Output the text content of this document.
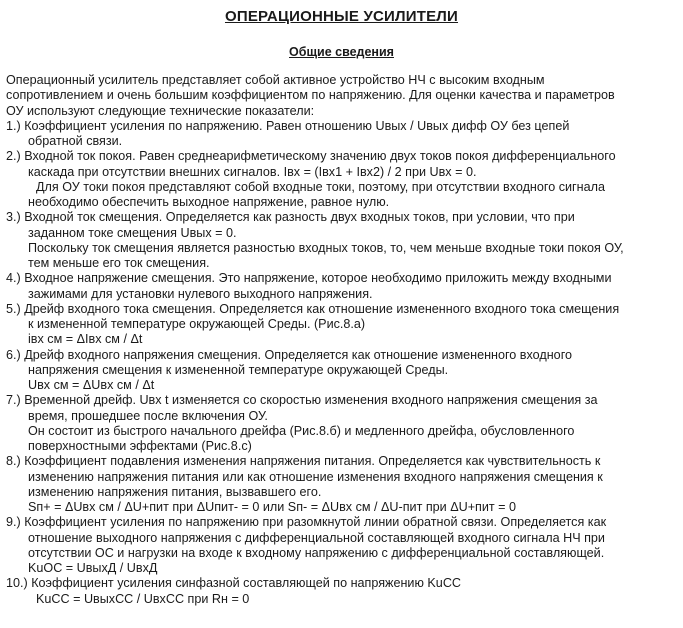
ОПЕРАЦИОННЫЕ УСИЛИТЕЛИ
Общие сведения
Операционный усилитель представляет собой активное устройство НЧ с высоким входным
сопротивлением и очень большим коэффициентом по напряжению. Для оценки качества и параметров
ОУ используют следующие технические показатели:
1.) Коэффициент усиления по напряжению. Равен отношению Uвых / Uвых дифф ОУ без цепей
обратной связи.
2.) Входной ток покоя. Равен среднеарифметическому значению двух токов покоя дифференциального
каскада при отсутствии внешних сигналов. Iвх = (Iвх1 + Iвх2) / 2 при Uвх = 0.
Для ОУ токи покоя представляют собой входные токи, поэтому, при отсутствии входного сигнала
необходимо обеспечить выходное напряжение, равное нулю.
3.) Входной ток смещения. Определяется как разность двух входных токов, при условии, что при
заданном токе смещения Uвых = 0.
Поскольку ток смещения является разностью входных токов, то, чем меньше входные токи покоя ОУ,
тем меньше его ток смещения.
4.) Входное напряжение смещения. Это напряжение, которое необходимо приложить между входными
зажимами для установки нулевого выходного напряжения.
5.) Дрейф входного тока смещения. Определяется как отношение измененного входного тока смещения
к измененной температуре окружающей Среды. (Рис.8.а)
iвх см = ΔIвх см / Δt
6.) Дрейф входного напряжения смещения. Определяется как отношение измененного входного
напряжения смещения к измененной температуре окружающей Среды.
Uвх см = ΔUвх см / Δt
7.) Временной дрейф. Uвх t изменяется со скоростью изменения входного напряжения смещения за
время, прошедшее после включения ОУ.
Он состоит из быстрого начального дрейфа (Рис.8.б) и медленного дрейфа, обусловленного
поверхностными эффектами (Рис.8.с)
8.) Коэффициент подавления изменения напряжения питания. Определяется как чувствительность к
изменению напряжения питания или как отношение изменения входного напряжения смещения к
изменению напряжения питания, вызвавшего его.
Sп+ = ΔUвх см / ΔU+пит при ΔUпит- = 0 или Sп- = ΔUвх см / ΔU-пит при ΔU+пит = 0
9.) Коэффициент усиления по напряжению при разомкнутой линии обратной связи. Определяется как
отношение выходного напряжения с дифференциальной составляющей входного сигнала НЧ при
отсутствии ОС и нагрузки на входе к входному напряжению с дифференциальной составляющей.
KuОС = UвыхД / UвхД
10.) Коэффициент усиления синфазной составляющей по напряжению KuСС
KuСС = UвыхСС / UвхСС при Rн = 0
